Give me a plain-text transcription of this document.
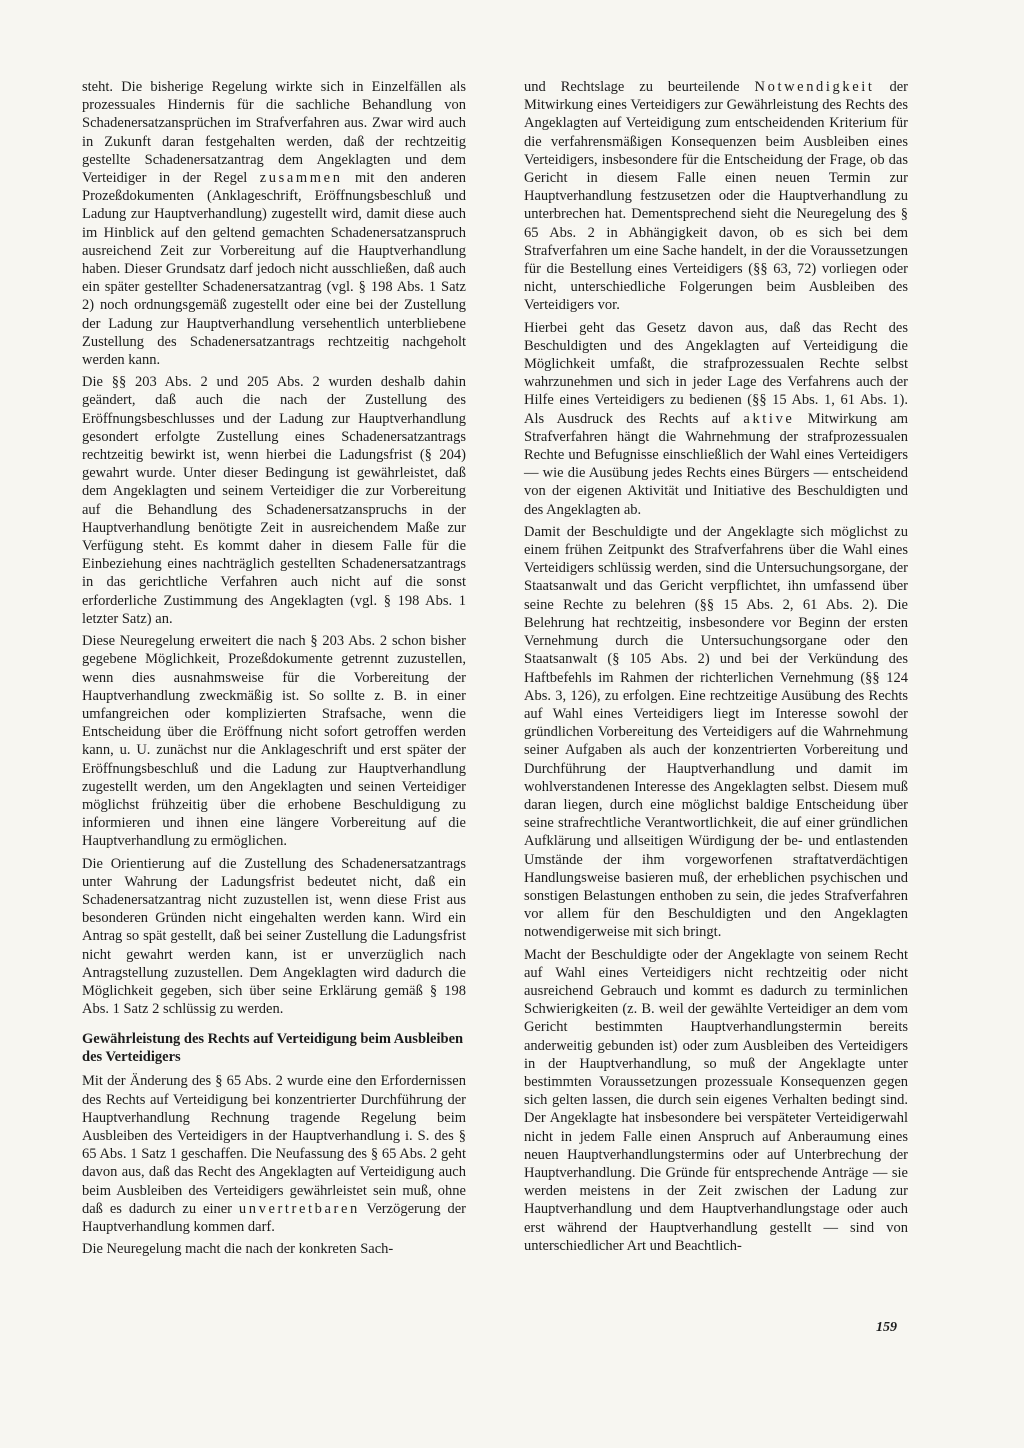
steht. Die bisherige Regelung wirkte sich in Einzelfällen als prozessuales Hindernis für die sachliche Behandlung von Schadenersatzansprüchen im Strafverfahren aus. Zwar wird auch in Zukunft daran festgehalten werden, daß der rechtzeitig gestellte Schadenersatzantrag dem Angeklagten und dem Verteidiger in der Regel zusammen mit den anderen Prozeßdokumenten (Anklageschrift, Eröffnungsbeschluß und Ladung zur Hauptverhandlung) zugestellt wird, damit diese auch im Hinblick auf den geltend gemachten Schadenersatzanspruch ausreichend Zeit zur Vorbereitung auf die Hauptverhandlung haben. Dieser Grundsatz darf jedoch nicht ausschließen, daß auch ein später gestellter Schadenersatzantrag (vgl. § 198 Abs. 1 Satz 2) noch ordnungsgemäß zugestellt oder eine bei der Zustellung der Ladung zur Hauptverhandlung versehentlich unterbliebene Zustellung des Schadenersatzantrags rechtzeitig nachgeholt werden kann.

Die §§ 203 Abs. 2 und 205 Abs. 2 wurden deshalb dahin geändert, daß auch die nach der Zustellung des Eröffnungsbeschlusses und der Ladung zur Hauptverhandlung gesondert erfolgte Zustellung eines Schadenersatzantrags rechtzeitig bewirkt ist, wenn hierbei die Ladungsfrist (§ 204) gewahrt wurde. Unter dieser Bedingung ist gewährleistet, daß dem Angeklagten und seinem Verteidiger die zur Vorbereitung auf die Behandlung des Schadenersatzanspruchs in der Hauptverhandlung benötigte Zeit in ausreichendem Maße zur Verfügung steht. Es kommt daher in diesem Falle für die Einbeziehung eines nachträglich gestellten Schadenersatzantrags in das gerichtliche Verfahren auch nicht auf die sonst erforderliche Zustimmung des Angeklagten (vgl. § 198 Abs. 1 letzter Satz) an.

Diese Neuregelung erweitert die nach § 203 Abs. 2 schon bisher gegebene Möglichkeit, Prozeßdokumente getrennt zuzustellen, wenn dies ausnahmsweise für die Vorbereitung der Hauptverhandlung zweckmäßig ist. So sollte z. B. in einer umfangreichen oder komplizierten Strafsache, wenn die Entscheidung über die Eröffnung nicht sofort getroffen werden kann, u. U. zunächst nur die Anklageschrift und erst später der Eröffnungsbeschluß und die Ladung zur Hauptverhandlung zugestellt werden, um den Angeklagten und seinen Verteidiger möglichst frühzeitig über die erhobene Beschuldigung zu informieren und ihnen eine längere Vorbereitung auf die Hauptverhandlung zu ermöglichen.

Die Orientierung auf die Zustellung des Schadenersatzantrags unter Wahrung der Ladungsfrist bedeutet nicht, daß ein Schadenersatzantrag nicht zuzustellen ist, wenn diese Frist aus besonderen Gründen nicht eingehalten werden kann. Wird ein Antrag so spät gestellt, daß bei seiner Zustellung die Ladungsfrist nicht gewahrt werden kann, ist er unverzüglich nach Antragstellung zuzustellen. Dem Angeklagten wird dadurch die Möglichkeit gegeben, sich über seine Erklärung gemäß § 198 Abs. 1 Satz 2 schlüssig zu werden.

Gewährleistung des Rechts auf Verteidigung beim Ausbleiben des Verteidigers

Mit der Änderung des § 65 Abs. 2 wurde eine den Erfordernissen des Rechts auf Verteidigung bei konzentrierter Durchführung der Hauptverhandlung Rechnung tragende Regelung beim Ausbleiben des Verteidigers in der Hauptverhandlung i. S. des § 65 Abs. 1 Satz 1 geschaffen. Die Neufassung des § 65 Abs. 2 geht davon aus, daß das Recht des Angeklagten auf Verteidigung auch beim Ausbleiben des Verteidigers gewährleistet sein muß, ohne daß es dadurch zu einer unvertretbaren Verzögerung der Hauptverhandlung kommen darf.

Die Neuregelung macht die nach der konkreten Sach-

und Rechtslage zu beurteilende Notwendigkeit der Mitwirkung eines Verteidigers zur Gewährleistung des Rechts des Angeklagten auf Verteidigung zum entscheidenden Kriterium für die verfahrensmäßigen Konsequenzen beim Ausbleiben eines Verteidigers, insbesondere für die Entscheidung der Frage, ob das Gericht in diesem Falle einen neuen Termin zur Hauptverhandlung festzusetzen oder die Hauptverhandlung zu unterbrechen hat. Dementsprechend sieht die Neuregelung des § 65 Abs. 2 in Abhängigkeit davon, ob es sich bei dem Strafverfahren um eine Sache handelt, in der die Voraussetzungen für die Bestellung eines Verteidigers (§§ 63, 72) vorliegen oder nicht, unterschiedliche Folgerungen beim Ausbleiben des Verteidigers vor.

Hierbei geht das Gesetz davon aus, daß das Recht des Beschuldigten und des Angeklagten auf Verteidigung die Möglichkeit umfaßt, die strafprozessualen Rechte selbst wahrzunehmen und sich in jeder Lage des Verfahrens auch der Hilfe eines Verteidigers zu bedienen (§§ 15 Abs. 1, 61 Abs. 1). Als Ausdruck des Rechts auf aktive Mitwirkung am Strafverfahren hängt die Wahrnehmung der strafprozessualen Rechte und Befugnisse einschließlich der Wahl eines Verteidigers — wie die Ausübung jedes Rechts eines Bürgers — entscheidend von der eigenen Aktivität und Initiative des Beschuldigten und des Angeklagten ab.

Damit der Beschuldigte und der Angeklagte sich möglichst zu einem frühen Zeitpunkt des Strafverfahrens über die Wahl eines Verteidigers schlüssig werden, sind die Untersuchungsorgane, der Staatsanwalt und das Gericht verpflichtet, ihn umfassend über seine Rechte zu belehren (§§ 15 Abs. 2, 61 Abs. 2). Die Belehrung hat rechtzeitig, insbesondere vor Beginn der ersten Vernehmung durch die Untersuchungsorgane oder den Staatsanwalt (§ 105 Abs. 2) und bei der Verkündung des Haftbefehls im Rahmen der richterlichen Vernehmung (§§ 124 Abs. 3, 126), zu erfolgen. Eine rechtzeitige Ausübung des Rechts auf Wahl eines Verteidigers liegt im Interesse sowohl der gründlichen Vorbereitung des Verteidigers auf die Wahrnehmung seiner Aufgaben als auch der konzentrierten Vorbereitung und Durchführung der Hauptverhandlung und damit im wohlverstandenen Interesse des Angeklagten selbst. Diesem muß daran liegen, durch eine möglichst baldige Entscheidung über seine strafrechtliche Verantwortlichkeit, die auf einer gründlichen Aufklärung und allseitigen Würdigung der be- und entlastenden Umstände der ihm vorgeworfenen straftatverdächtigen Handlungsweise basieren muß, der erheblichen psychischen und sonstigen Belastungen enthoben zu sein, die jedes Strafverfahren vor allem für den Beschuldigten und den Angeklagten notwendigerweise mit sich bringt.

Macht der Beschuldigte oder der Angeklagte von seinem Recht auf Wahl eines Verteidigers nicht rechtzeitig oder nicht ausreichend Gebrauch und kommt es dadurch zu terminlichen Schwierigkeiten (z. B. weil der gewählte Verteidiger an dem vom Gericht bestimmten Hauptverhandlungstermin bereits anderweitig gebunden ist) oder zum Ausbleiben des Verteidigers in der Hauptverhandlung, so muß der Angeklagte unter bestimmten Voraussetzungen prozessuale Konsequenzen gegen sich gelten lassen, die durch sein eigenes Verhalten bedingt sind. Der Angeklagte hat insbesondere bei verspäteter Verteidigerwahl nicht in jedem Falle einen Anspruch auf Anberaumung eines neuen Hauptverhandlungstermins oder auf Unterbrechung der Hauptverhandlung. Die Gründe für entsprechende Anträge — sie werden meistens in der Zeit zwischen der Ladung zur Hauptverhandlung und dem Hauptverhandlungstage oder auch erst während der Hauptverhandlung gestellt — sind von unterschiedlicher Art und Beachtlich-

159
